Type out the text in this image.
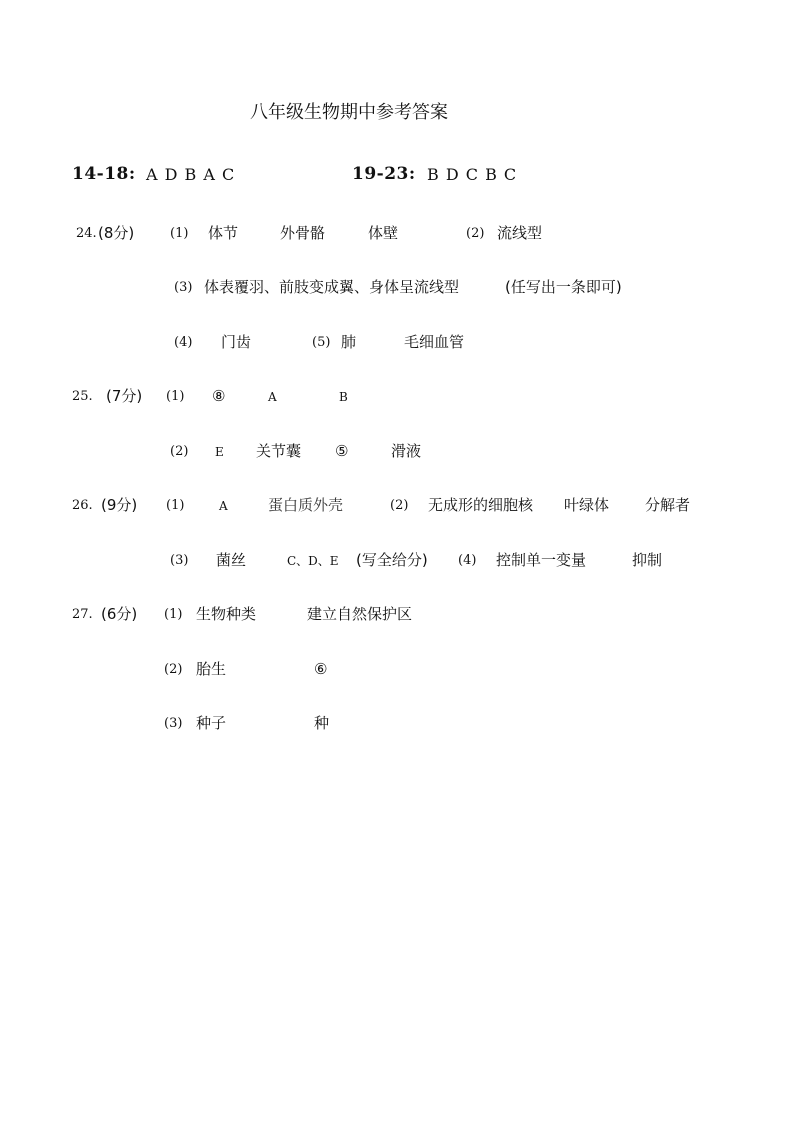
八年级生物期中参考答案
14-18: A D B A C	19-23: B D C B C
24. (8分)	(1) 体节	外骨骼	体壁	(2) 流线型
(3) 体表覆羽、前肢变成翼、身体呈流线型	(任写出一条即可)
(4) 门齿	(5) 肺	毛细血管
25. (7分) (1) ⑧	A	B
(2) E 关节囊 ⑤	滑液
26. (9分) (1)	A	蛋白质外壳	(2) 无成形的细胞核 叶绿体 分解者
(3) 菌丝	C、D、E (写全给分) (4) 控制单一变量	抑制
27. (6分) (1) 生物种类	建立自然保护区
(2) 胎生	⑥
(3) 种子	种
